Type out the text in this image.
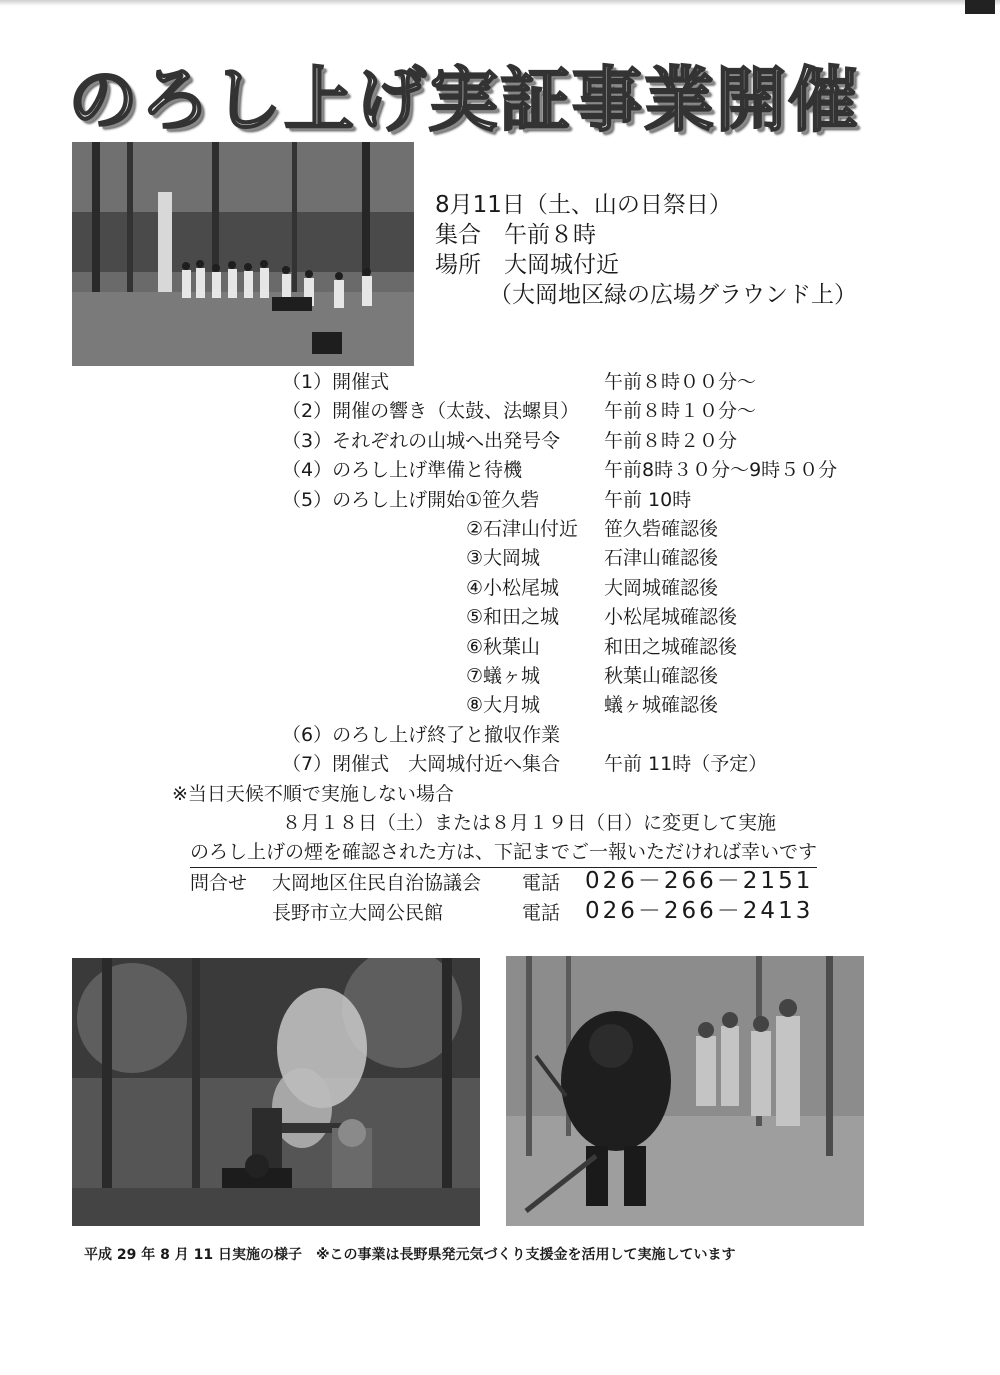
のろし上げ実証事業開催
8月11日（土、山の日祭日）
集合　午前８時
場所　大岡城付近
（大岡地区緑の広場グラウンド上）
（1）開催式	午前８時００分～
（2）開催の響き（太鼓、法螺貝） 午前８時１０分～
（3）それぞれの山城へ出発号令 午前８時２０分
（4）のろし上げ準備と待機	午前8時３０分～9時５０分
（5）のろし上げ開始①笹久砦	午前 10時
②石津山付近 笹久砦確認後
③大岡城	石津山確認後
④小松尾城 大岡城確認後
⑤和田之城 小松尾城確認後
⑥秋葉山	和田之城確認後
⑦蟻ヶ城	秋葉山確認後
⑧大月城	蟻ヶ城確認後
（6）のろし上げ終了と撤収作業
（7）閉催式　大岡城付近へ集合 午前 11時（予定）
※当日天候不順で実施しない場合
８月１８日（土）または８月１９日（日）に変更して実施
のろし上げの煙を確認された方は、下記までご一報いただければ幸いです
問合せ 大岡地区住民自治協議会 電話 026－266－2151
長野市立大岡公民館	電話 026－266－2413
平成 29 年 8 月 11 日実施の様子　※この事業は長野県発元気づくり支援金を活用して実施しています
